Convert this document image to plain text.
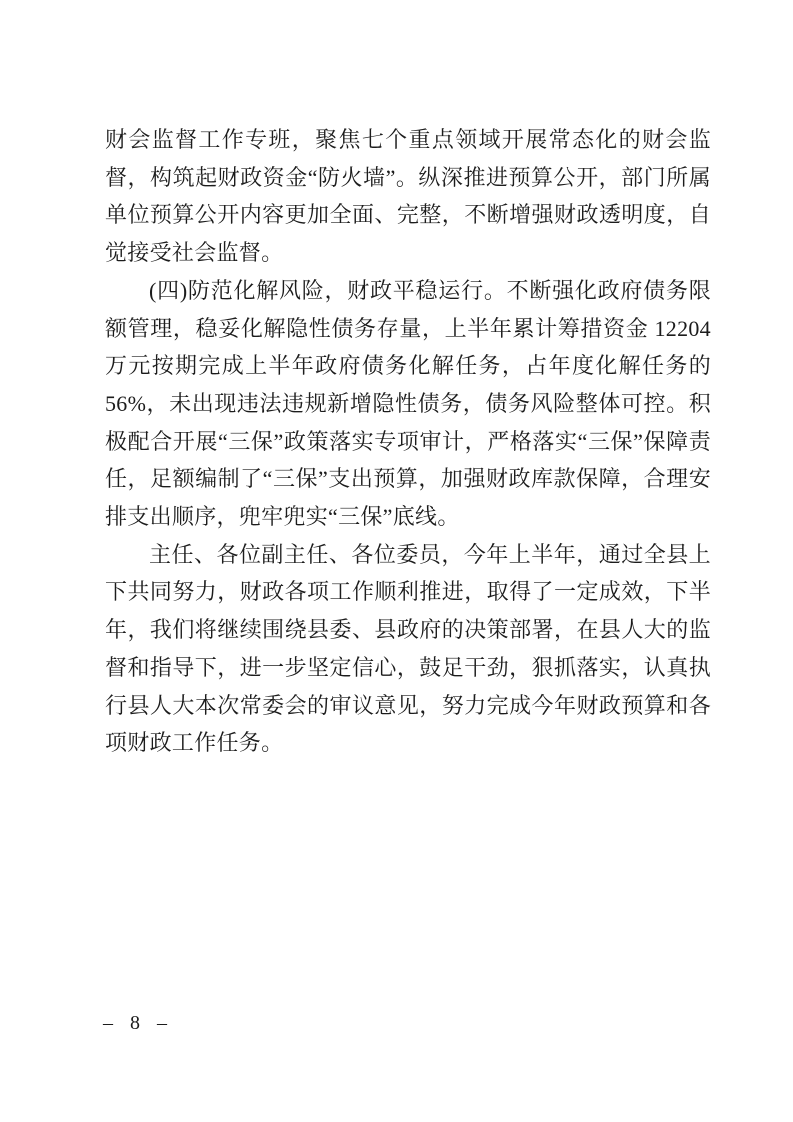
财会监督工作专班，聚焦七个重点领域开展常态化的财会监督，构筑起财政资金“防火墙”。纵深推进预算公开，部门所属单位预算公开内容更加全面、完整，不断增强财政透明度，自觉接受社会监督。

(四)防范化解风险，财政平稳运行。不断强化政府债务限额管理，稳妥化解隐性债务存量，上半年累计筹措资金 12204 万元按期完成上半年政府债务化解任务，占年度化解任务的 56%，未出现违法违规新增隐性债务，债务风险整体可控。积极配合开展“三保”政策落实专项审计，严格落实“三保”保障责任，足额编制了“三保”支出预算，加强财政库款保障，合理安排支出顺序，兜牢兜实“三保”底线。

主任、各位副主任、各位委员，今年上半年，通过全县上下共同努力，财政各项工作顺利推进，取得了一定成效，下半年，我们将继续围绕县委、县政府的决策部署，在县人大的监督和指导下，进一步坚定信心，鼓足干劲，狠抓落实，认真执行县人大本次常委会的审议意见，努力完成今年财政预算和各项财政工作任务。

– 8 –
